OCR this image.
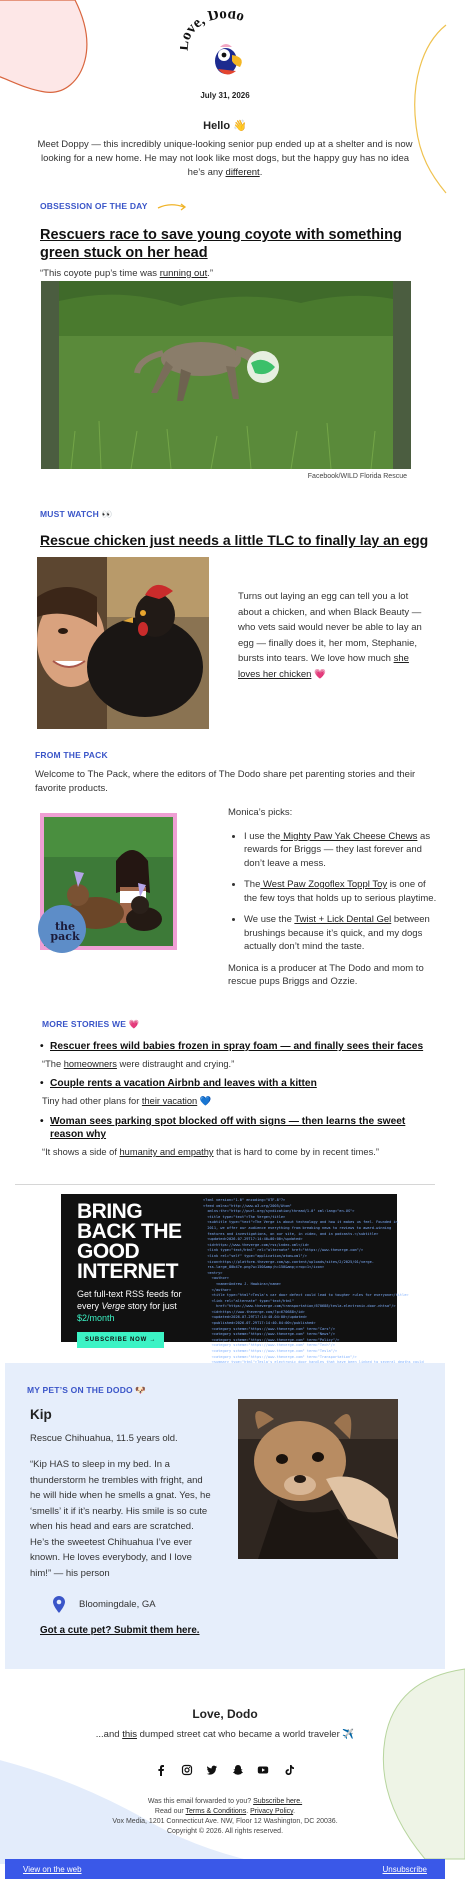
ve, Dodo
July 31, 2026
Hello 👋
Meet Doppy — this incredibly unique-looking senior pup ended up at a shelter and is now looking for a new home. He may not look like most dogs, but the happy guy has no idea he’s any different.
OBSESSION OF THE DAY
Rescuers race to save young coyote with something green stuck on her head
“This coyote pup’s time was running out.”
Facebook/WILD Florida Rescue
MUST WATCH 👀
Rescue chicken just needs a little TLC to finally lay an egg
Turns out laying an egg can tell you a lot about a chicken, and when Black Beauty — who vets said would never be able to lay an egg — finally does it, her mom, Stephanie, bursts into tears. We love how much she loves her chicken 💗
FROM THE PACK
Welcome to The Pack, where the editors of The Dodo share pet parenting stories and their favorite products.
the pack
Monica’s picks:
• I use the Mighty Paw Yak Cheese Chews as rewards for Briggs — they last forever and don’t leave a mess.
• The West Paw Zogoflex Toppl Toy is one of the few toys that holds up to serious playtime.
• We use the Twist + Lick Dental Gel between brushings because it’s quick, and my dogs actually don’t mind the taste.
Monica is a producer at The Dodo and mom to rescue pups Briggs and Ozzie.
MORE STORIES WE 💗
• Rescuer frees wild babies frozen in spray foam — and finally sees their faces
“The homeowners were distraught and crying.”
• Couple rents a vacation Airbnb and leaves with a kitten
Tiny had other plans for their vacation 💙
• Woman sees parking spot blocked off with signs — then learns the sweet reason why
“It shows a side of humanity and empathy that is hard to come by in recent times.”
BRING BACK THE GOOD INTERNET
Get full-text RSS feeds for every Verge story for just $2/month
SUBSCRIBE NOW →
<?xml version="1.0" encoding="UTF-8"?>
<feed xmlns="http://www.w3.org/2005/Atom"
xmlns:thr="http://purl.org/syndication/thread/1.0" xml:lang="en-US">
<title type="text">The Verge</title>
<subtitle type="text">The Verge is about technology and how it makes us feel. Founded in
2011, we offer our audience everything from breaking news to reviews to award-winning
features and investigations, on our site, in video, and in podcasts.</subtitle>
<updated>2026-07-29T17:14:40+00:00</updated>
<id>https://www.theverge.com/rss/index.xml</id>
<link type="text/html" rel="alternate" href="https://www.theverge.com"/>
<link rel="self" type="application/atom+xml"/>
<icon>https://platform.theverge.com/wp-content/uploads/sites/2/2025/01/verge-
rss-large_80b47e.png?w=150&amp;h=150&amp;crop=1</icon>
<entry>
<author>
<name>Andrew J. Hawkins</name>
</author>
<title type="html">Tesla's car door defect could lead to tougher rules for everyone</title>
<link rel="alternate" type="text/html"
href="https://www.theverge.com/transportation/670688/tesla-electronic-door-nhtsa"/>
<id>https://www.theverge.com/?p=670688</id>
<updated>2026-07-29T17:14:40-04:00</updated>
<published>2026-07-29T17:14:40-04:00</published>
<category scheme="https://www.theverge.com" term="Cars"/>
<category scheme="https://www.theverge.com" term="News"/>
<category scheme="https://www.theverge.com" term="Policy"/>
<category scheme="https://www.theverge.com" term="Tech"/>
<category scheme="https://www.theverge.com" term="Tesla"/>
<category scheme="https://www.theverge.com" term="Transportation"/>

MY PET’S ON THE DODO 🐶
Kip
Rescue Chihuahua, 11.5 years old.
“Kip HAS to sleep in my bed. In a thunderstorm he trembles with fright, and he will hide when he smells a gnat. Yes, he ‘smells’ it if it’s nearby. His smile is so cute when his head and ears are scratched. He’s the sweetest Chihuahua I’ve ever known. He loves everybody, and I love him!” — his person
Bloomingdale, GA
Got a cute pet? Submit them here.
Love, Dodo
...and this dumped street cat who became a world traveler ✈️
Was this email forwarded to you? Subscribe here.
Read our Terms & Conditions. Privacy Policy.
Vox Media, 1201 Connecticut Ave. NW, Floor 12 Washington, DC 20036.
Copyright © 2026. All rights reserved.
View on the web	Unsubscribe
